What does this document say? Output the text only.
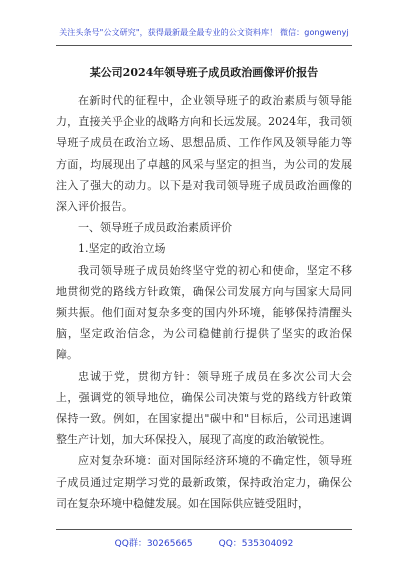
关注头条号"公文研究"，获得最新最全最专业的公文资料库！ 微信：gongwenyj
某公司2024年领导班子成员政治画像评价报告

在新时代的征程中，企业领导班子的政治素质与领导能力，直接关乎企业的战略方向和长远发展。2024年，我司领导班子成员在政治立场、思想品质、工作作风及领导能力等方面，均展现出了卓越的风采与坚定的担当，为公司的发展注入了强大的动力。以下是对我司领导班子成员政治画像的深入评价报告。

一、领导班子成员政治素质评价

1.坚定的政治立场

我司领导班子成员始终坚守党的初心和使命，坚定不移地贯彻党的路线方针政策，确保公司发展方向与国家大局同频共振。他们面对复杂多变的国内外环境，能够保持清醒头脑，坚定政治信念，为公司稳健前行提供了坚实的政治保障。

忠诚于党，贯彻方针：领导班子成员在多次公司大会上，强调党的领导地位，确保公司决策与党的路线方针政策保持一致。例如，在国家提出"碳中和"目标后，公司迅速调整生产计划，加大环保投入，展现了高度的政治敏锐性。

应对复杂环境：面对国际经济环境的不确定性，领导班子成员通过定期学习党的最新政策，保持政治定力，确保公司在复杂环境中稳健发展。如在国际供应链受阻时，

QQ群：30265665	QQ：535304092
